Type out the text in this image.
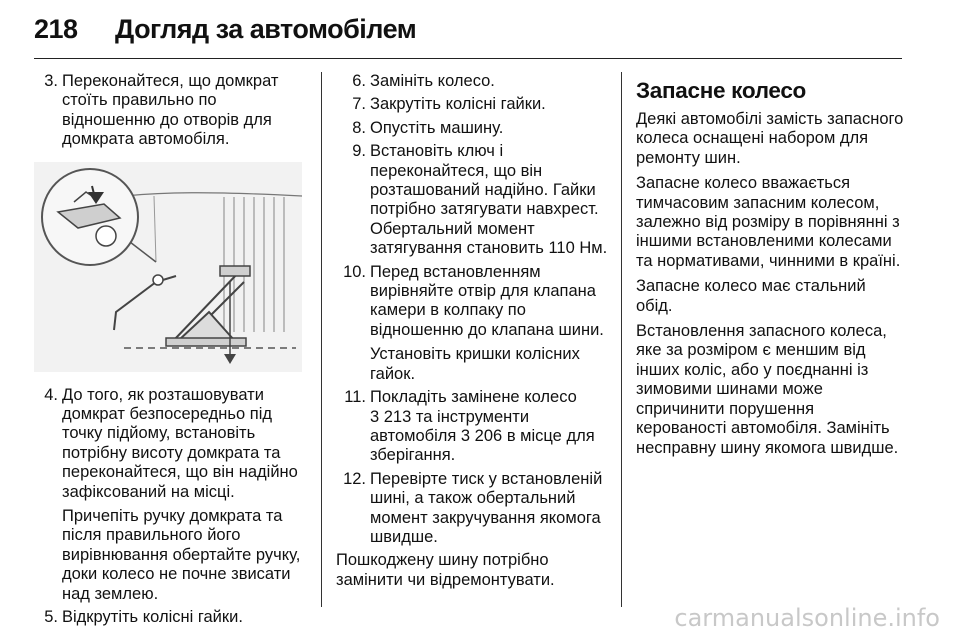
218 Догляд за автомобілем
3. Переконайтеся, що домкрат стоїть правильно по відношенню до отворів для домкрата автомобіля.

4. До того, як розташовувати домкрат безпосередньо під точку підйому, встановіть потрібну висоту домкрата та переконайтеся, що він надійно зафіксований на місці.

Причепіть ручку домкрата та після правильного його вирівнювання обертайте ручку, доки колесо не почне звисати над землею.

5. Відкрутіть колісні гайки.

6. Замініть колесо.

7. Закрутіть колісні гайки.

8. Опустіть машину.

9. Встановіть ключ і переконайтеся, що він розташований надійно. Гайки потрібно затягувати навхрест. Обертальний момент затягування становить 110 Нм.

10. Перед встановленням вирівняйте отвір для клапана камери в колпаку по відношенню до клапана шини.

Установіть кришки колісних гайок.

11. Покладіть замінене колесо 3 213 та інструменти автомобіля 3 206 в місце для зберігання.

12. Перевірте тиск у встановленій шині, а також обертальний момент закручування якомога швидше.

Пошкоджену шину потрібно замінити чи відремонтувати.

Запасне колесо

Деякі автомобілі замість запасного колеса оснащені набором для ремонту шин.

Запасне колесо вважається тимчасовим запасним колесом, залежно від розміру в порівнянні з іншими встановленими колесами та нормативами, чинними в країні.

Запасне колесо має стальний обід.

Встановлення запасного колеса, яке за розміром є меншим від інших коліс, або у поєднанні із зимовими шинами може спричинити порушення керованості автомобіля. Замініть несправну шину якомога швидше.

carmanualsonline.info
